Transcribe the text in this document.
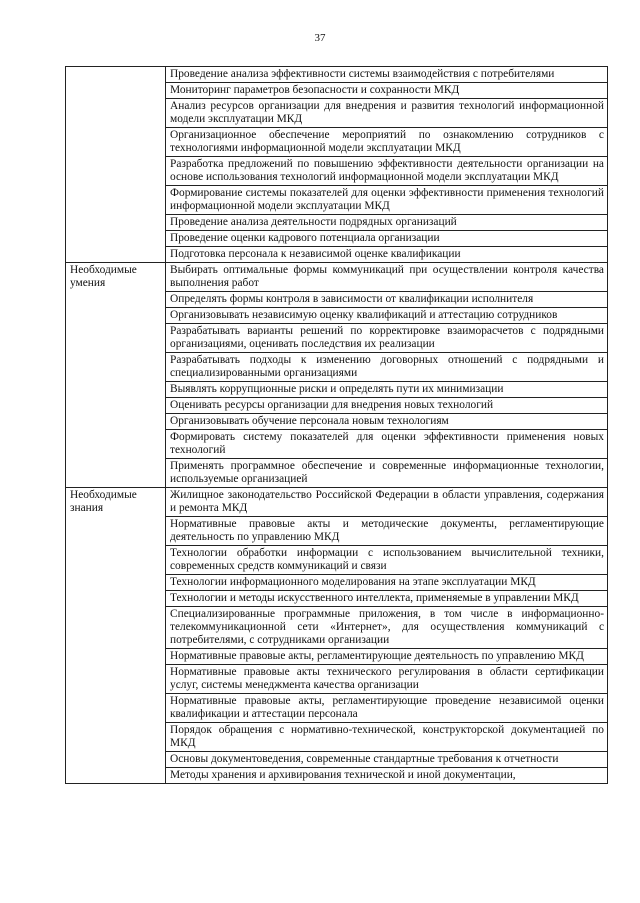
37
	Проведение анализа эффективности системы взаимодействия с потребителями
	Мониторинг параметров безопасности и сохранности МКД
	Анализ ресурсов организации для внедрения и развития технологий информационной модели эксплуатации МКД
	Организационное обеспечение мероприятий по ознакомлению сотрудников с технологиями информационной модели эксплуатации МКД
	Разработка предложений по повышению эффективности деятельности организации на основе использования технологий информационной модели эксплуатации МКД
	Формирование системы показателей для оценки эффективности применения технологий информационной модели эксплуатации МКД
	Проведение анализа деятельности подрядных организаций
	Проведение оценки кадрового потенциала организации
	Подготовка персонала к независимой оценке квалификации
Необходимые умения	Выбирать оптимальные формы коммуникаций при осуществлении контроля качества выполнения работ
	Определять формы контроля в зависимости от квалификации исполнителя
	Организовывать независимую оценку квалификаций и аттестацию сотрудников
	Разрабатывать варианты решений по корректировке взаиморасчетов с подрядными организациями, оценивать последствия их реализации
	Разрабатывать подходы к изменению договорных отношений с подрядными и специализированными организациями
	Выявлять коррупционные риски и определять пути их минимизации
	Оценивать ресурсы организации для внедрения новых технологий
	Организовывать обучение персонала новым технологиям
	Формировать систему показателей для оценки эффективности применения новых технологий
	Применять программное обеспечение и современные информационные технологии, используемые организацией
Необходимые знания	Жилищное законодательство Российской Федерации в области управления, содержания и ремонта МКД
	Нормативные правовые акты и методические документы, регламентирующие деятельность по управлению МКД
	Технологии обработки информации с использованием вычислительной техники, современных средств коммуникаций и связи
	Технологии информационного моделирования на этапе эксплуатации МКД
	Технологии и методы искусственного интеллекта, применяемые в управлении МКД
	Специализированные программные приложения, в том числе в информационно-телекоммуникационной сети «Интернет», для осуществления коммуникаций с потребителями, с сотрудниками организации
	Нормативные правовые акты, регламентирующие деятельность по управлению МКД
	Нормативные правовые акты технического регулирования в области сертификации услуг, системы менеджмента качества организации
	Нормативные правовые акты, регламентирующие проведение независимой оценки квалификации и аттестации персонала
	Порядок обращения с нормативно-технической, конструкторской документацией по МКД
	Основы документоведения, современные стандартные требования к отчетности
	Методы хранения и архивирования технической и иной документации,
